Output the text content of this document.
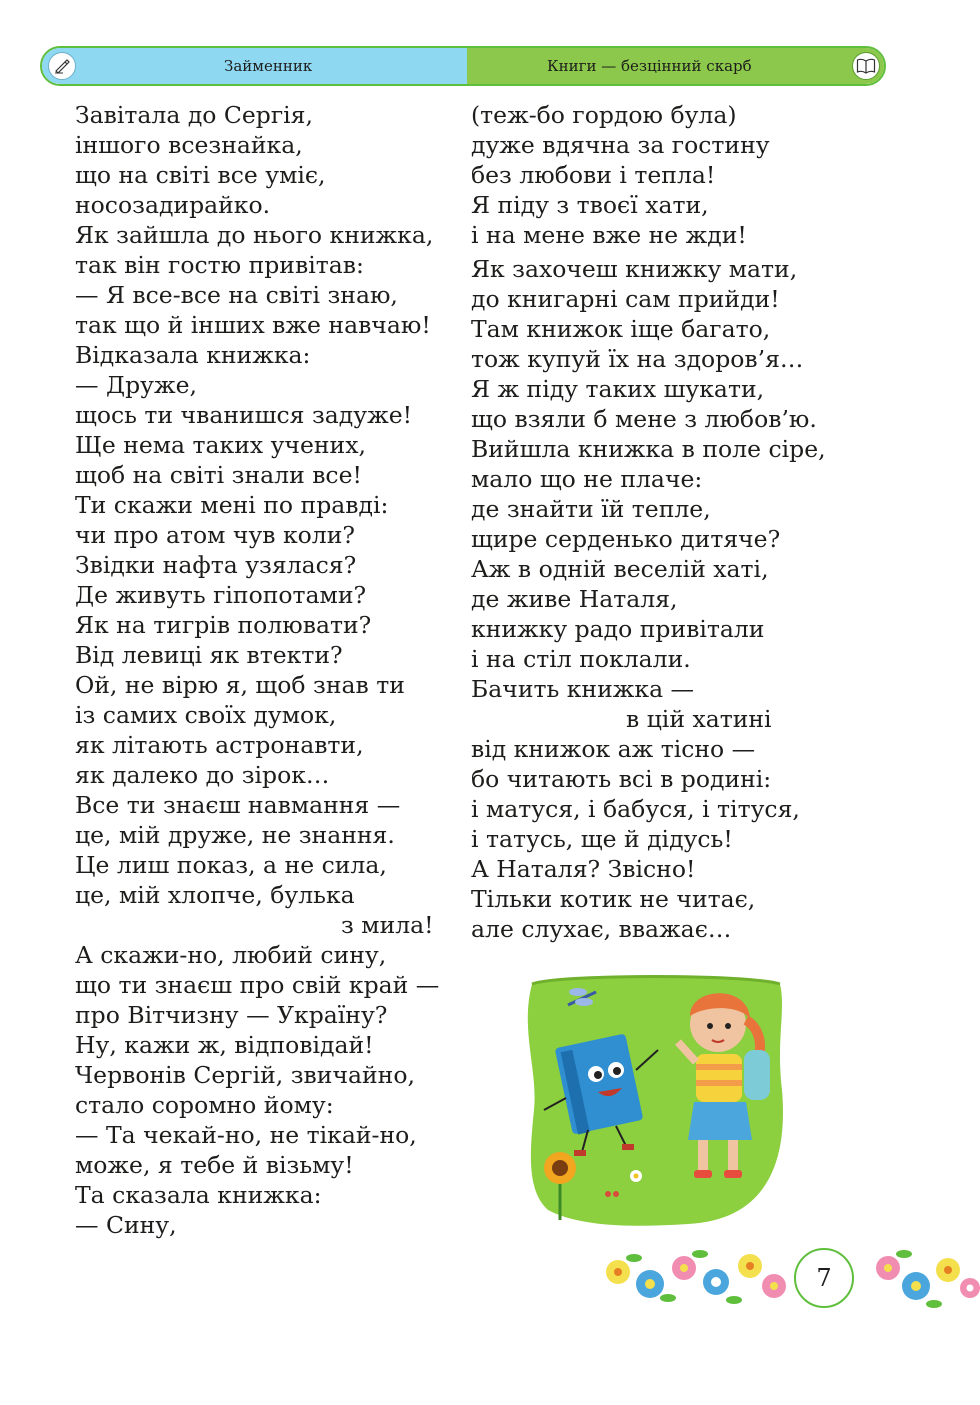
Займенник	Книги — безцінний скарб
Завітала до Сергія,
іншого всезнайка,
що на світі все уміє,
носозадирайко.
Як зайшла до нього книжка,
так він гостю привітав:
— Я все-все на світі знаю,
так що й інших вже навчаю!
Відказала книжка:
— Друже,
щось ти чванишся задуже!
Ще нема таких учених,
щоб на світі знали все!
Ти скажи мені по правді:
чи про атом чув коли?
Звідки нафта узялася?
Де живуть гіпопотами?
Як на тигрів полювати?
Від левиці як втекти?
Ой, не вірю я, щоб знав ти
із самих своїх думок,
як літають астронавти,
як далеко до зірок…
Все ти знаєш навмання —
це, мій друже, не знання.
Це лиш показ, а не сила,
це, мій хлопче, булька
з мила!
А скажи-но, любий сину,
що ти знаєш про свій край —
про Вітчизну — Україну?
Ну, кажи ж, відповідай!
Червонів Сергій, звичайно,
стало соромно йому:
— Та чекай-но, не тікай-но,
може, я тебе й візьму!
Та сказала книжка:
— Сину,
(теж-бо гордою була)
дуже вдячна за гостину
без любови і тепла!
Я піду з твоєї хати,
і на мене вже не жди!
Як захочеш книжку мати,
до книгарні сам прийди!
Там книжок іще багато,
тож купуй їх на здоров’я…
Я ж піду таких шукати,
що взяли б мене з любов’ю.
Вийшла книжка в поле сіре,
мало що не плаче:
де знайти їй тепле,
щире серденько дитяче?
Аж в одній веселій хаті,
де живе Наталя,
книжку радо привітали
і на стіл поклали.
Бачить книжка —
в цій хатині
від книжок аж тісно —
бо читають всі в родині:
і матуся, і бабуся, і тітуся,
і татусь, ще й дідусь!
А Наталя? Звісно!
Тільки котик не читає,
але слухає, вважає…
7
